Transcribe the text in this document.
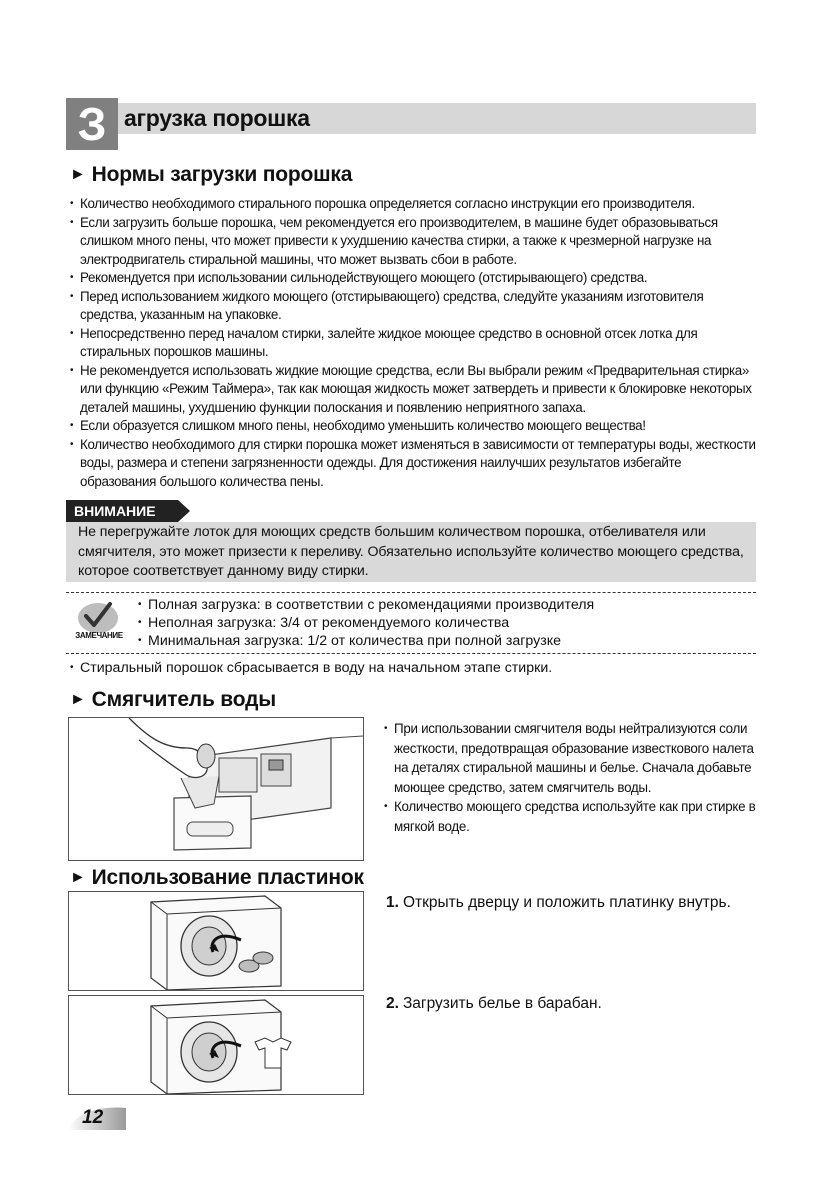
З агрузка порошка
► Нормы загрузки порошка
• Количество необходимого стирального порошка определяется согласно инструкции его производителя.
• Если загрузить больше порошка, чем рекомендуется его производителем, в машине будет образовываться слишком много пены, что может привести к ухудшению качества стирки, а также к чрезмерной нагрузке на электродвигатель стиральной машины, что может вызвать сбои в работе.
• Рекомендуется при использовании сильнодействующего моющего (отстирывающего) средства.
• Перед использованием жидкого моющего (отстирывающего) средства, следуйте указаниям изготовителя средства, указанным на упаковке.
• Непосредственно перед началом стирки, залейте жидкое моющее средство в основной отсек лотка для стиральных порошков машины.
• Не рекомендуется использовать жидкие моющие средства, если Вы выбрали режим «Предварительная стирка» или функцию «Режим Таймера», так как моющая жидкость может затвердеть и привести к блокировке некоторых деталей машины, ухудшению функции полоскания и появлению неприятного запаха.
• Если образуется слишком много пены, необходимо уменьшить количество моющего вещества!
• Количество необходимого для стирки порошка может изменяться в зависимости от температуры воды, жесткости воды, размера и степени загрязненности одежды. Для достижения наилучших результатов избегайте образования большого количества пены.
ВНИМАНИЕ
Не перегружайте лоток для моющих средств большим количеством порошка, отбеливателя или смягчителя, это может призести к переливу. Обязательно используйте количество моющего средства, которое соответствует данному виду стирки.
ЗАМЕЧАНИЕ
• Полная загрузка: в соответствии с рекомендациями производителя
• Неполная загрузка: 3/4 от рекомендуемого количества
• Минимальная загрузка: 1/2 от количества при полной загрузке
• Стиральный порошок сбрасывается в воду на начальном этапе стирки.
► Смягчитель воды
• При использовании смягчителя воды нейтрализуются соли жесткости, предотвращая образование известкового налета на деталях стиральной машины и белье. Сначала добавьте моющее средство, затем смягчитель воды.
• Количество моющего средства используйте как при стирке в мягкой воде.
► Использование пластинок
1. Открыть дверцу и положить платинку внутрь.
2. Загрузить белье в барабан.
12
